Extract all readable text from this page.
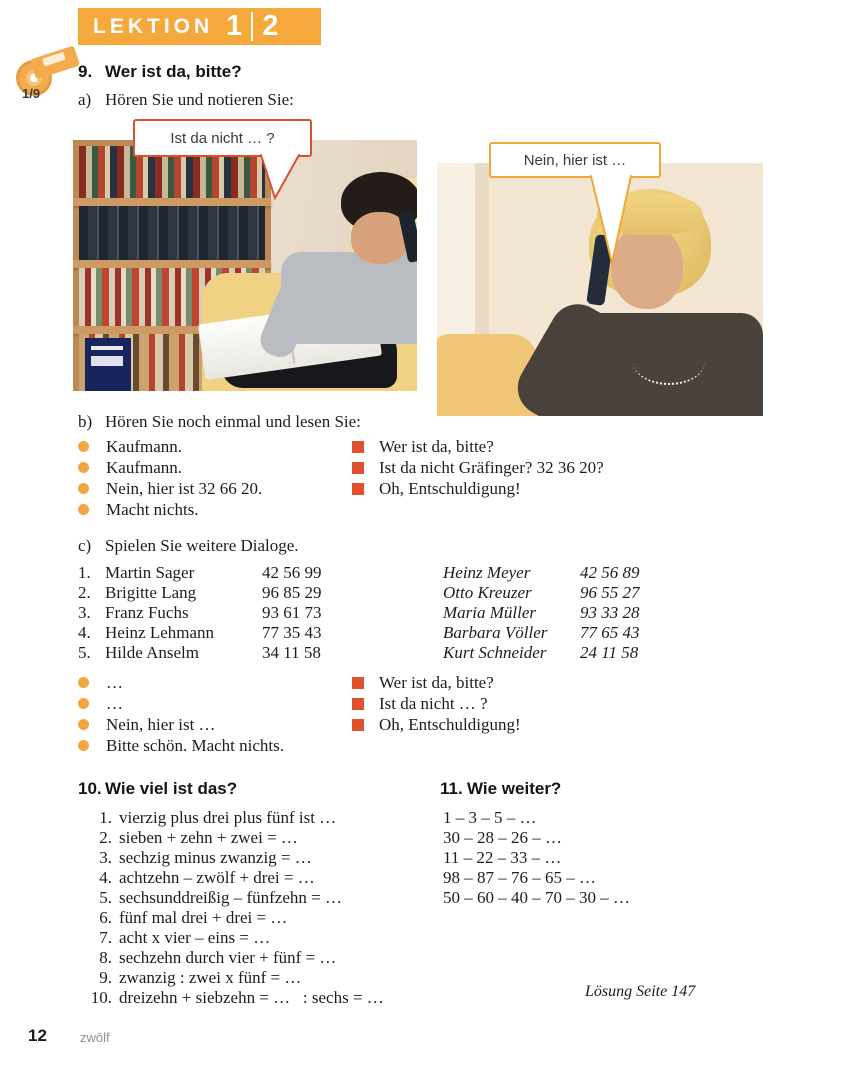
LEKTION 1 2
1/9
9. Wer ist da, bitte?
a) Hören Sie und notieren Sie:
Ist da nicht … ?
Nein, hier ist …
b) Hören Sie noch einmal und lesen Sie:
Kaufmann.
Kaufmann.
Nein, hier ist 32 66 20.
Macht nichts.
Wer ist da, bitte?
Ist da nicht Gräfinger? 32 36 20?
Oh, Entschuldigung!
c) Spielen Sie weitere Dialoge.
1. Martin Sager	42 56 99
2. Brigitte Lang	96 85 29
3. Franz Fuchs	93 61 73
4. Heinz Lehmann	77 35 43
5. Hilde Anselm	34 11 58
Heinz Meyer	42 56 89
Otto Kreuzer	96 55 27
Maria Müller	93 33 28
Barbara Völler	77 65 43
Kurt Schneider	24 11 58
…
…
Nein, hier ist …
Bitte schön. Macht nichts.
Wer ist da, bitte?
Ist da nicht … ?
Oh, Entschuldigung!
10. Wie viel ist das?
1. vierzig plus drei plus fünf ist …
2. sieben + zehn + zwei = …
3. sechzig minus zwanzig = …
4. achtzehn – zwölf + drei = …
5. sechsunddreißig – fünfzehn = …
6. fünf mal drei + drei = …
7. acht x vier – eins = …
8. sechzehn durch vier + fünf = …
9. zwanzig : zwei x fünf = …
10. dreizehn + siebzehn = …   : sechs = …
11. Wie weiter?
1 – 3 – 5 – …
30 – 28 – 26 – …
11 – 22 – 33 – …
98 – 87 – 76 – 65 – …
50 – 60 – 40 – 70 – 30 – …
Lösung Seite 147
12	zwölf
